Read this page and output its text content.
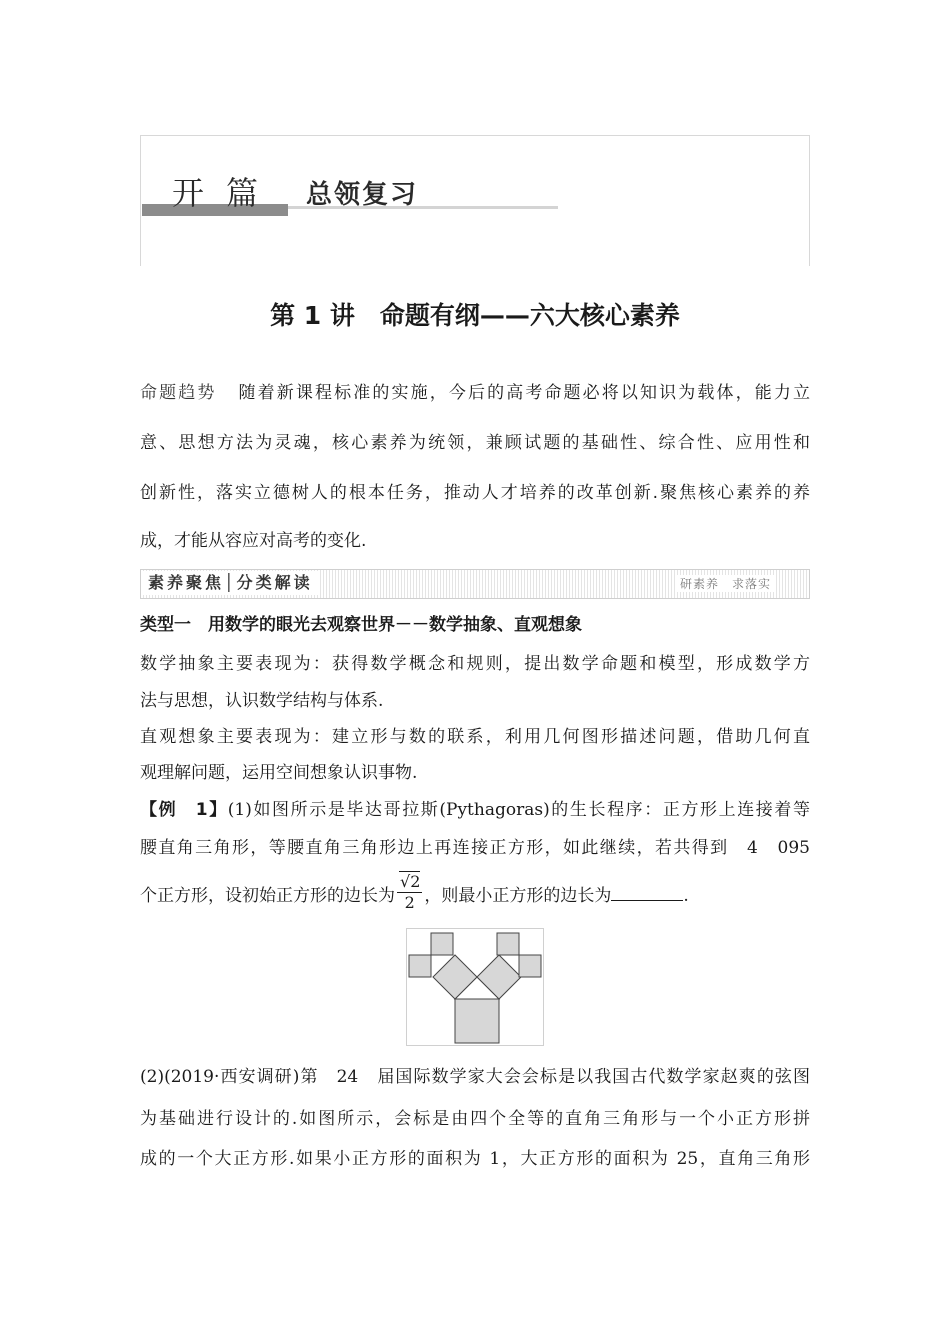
开篇 总领复习
第 1 讲　命题有纲——六大核心素养
命题趋势 随着新课程标准的实施，今后的高考命题必将以知识为载体，能力立
意、思想方法为灵魂，核心素养为统领，兼顾试题的基础性、综合性、应用性和
创新性，落实立德树人的根本任务，推动人才培养的改革创新.聚焦核心素养的养
成，才能从容应对高考的变化.
素养聚焦│分类解读	研素养　求落实
类型一　用数学的眼光去观察世界－－数学抽象、直观想象
数学抽象主要表现为：获得数学概念和规则，提出数学命题和模型，形成数学方
法与思想，认识数学结构与体系.
直观想象主要表现为：建立形与数的联系，利用几何图形描述问题，借助几何直
观理解问题，运用空间想象认识事物.
【例　1】(1)如图所示是毕达哥拉斯(Pythagoras)的生长程序：正方形上连接着等
腰直角三角形，等腰直角三角形边上再连接正方形，如此继续，若共得到　4　095
个正方形，设初始正方形的边长为 $\frac{√2}{2}$ ，则最小正方形的边长为	.
(2)(2019·西安调研)第　24　届国际数学家大会会标是以我国古代数学家赵爽的弦图
为基础进行设计的.如图所示，会标是由四个全等的直角三角形与一个小正方形拼
成的一个大正方形.如果小正方形的面积为 1，大正方形的面积为 25，直角三角形
